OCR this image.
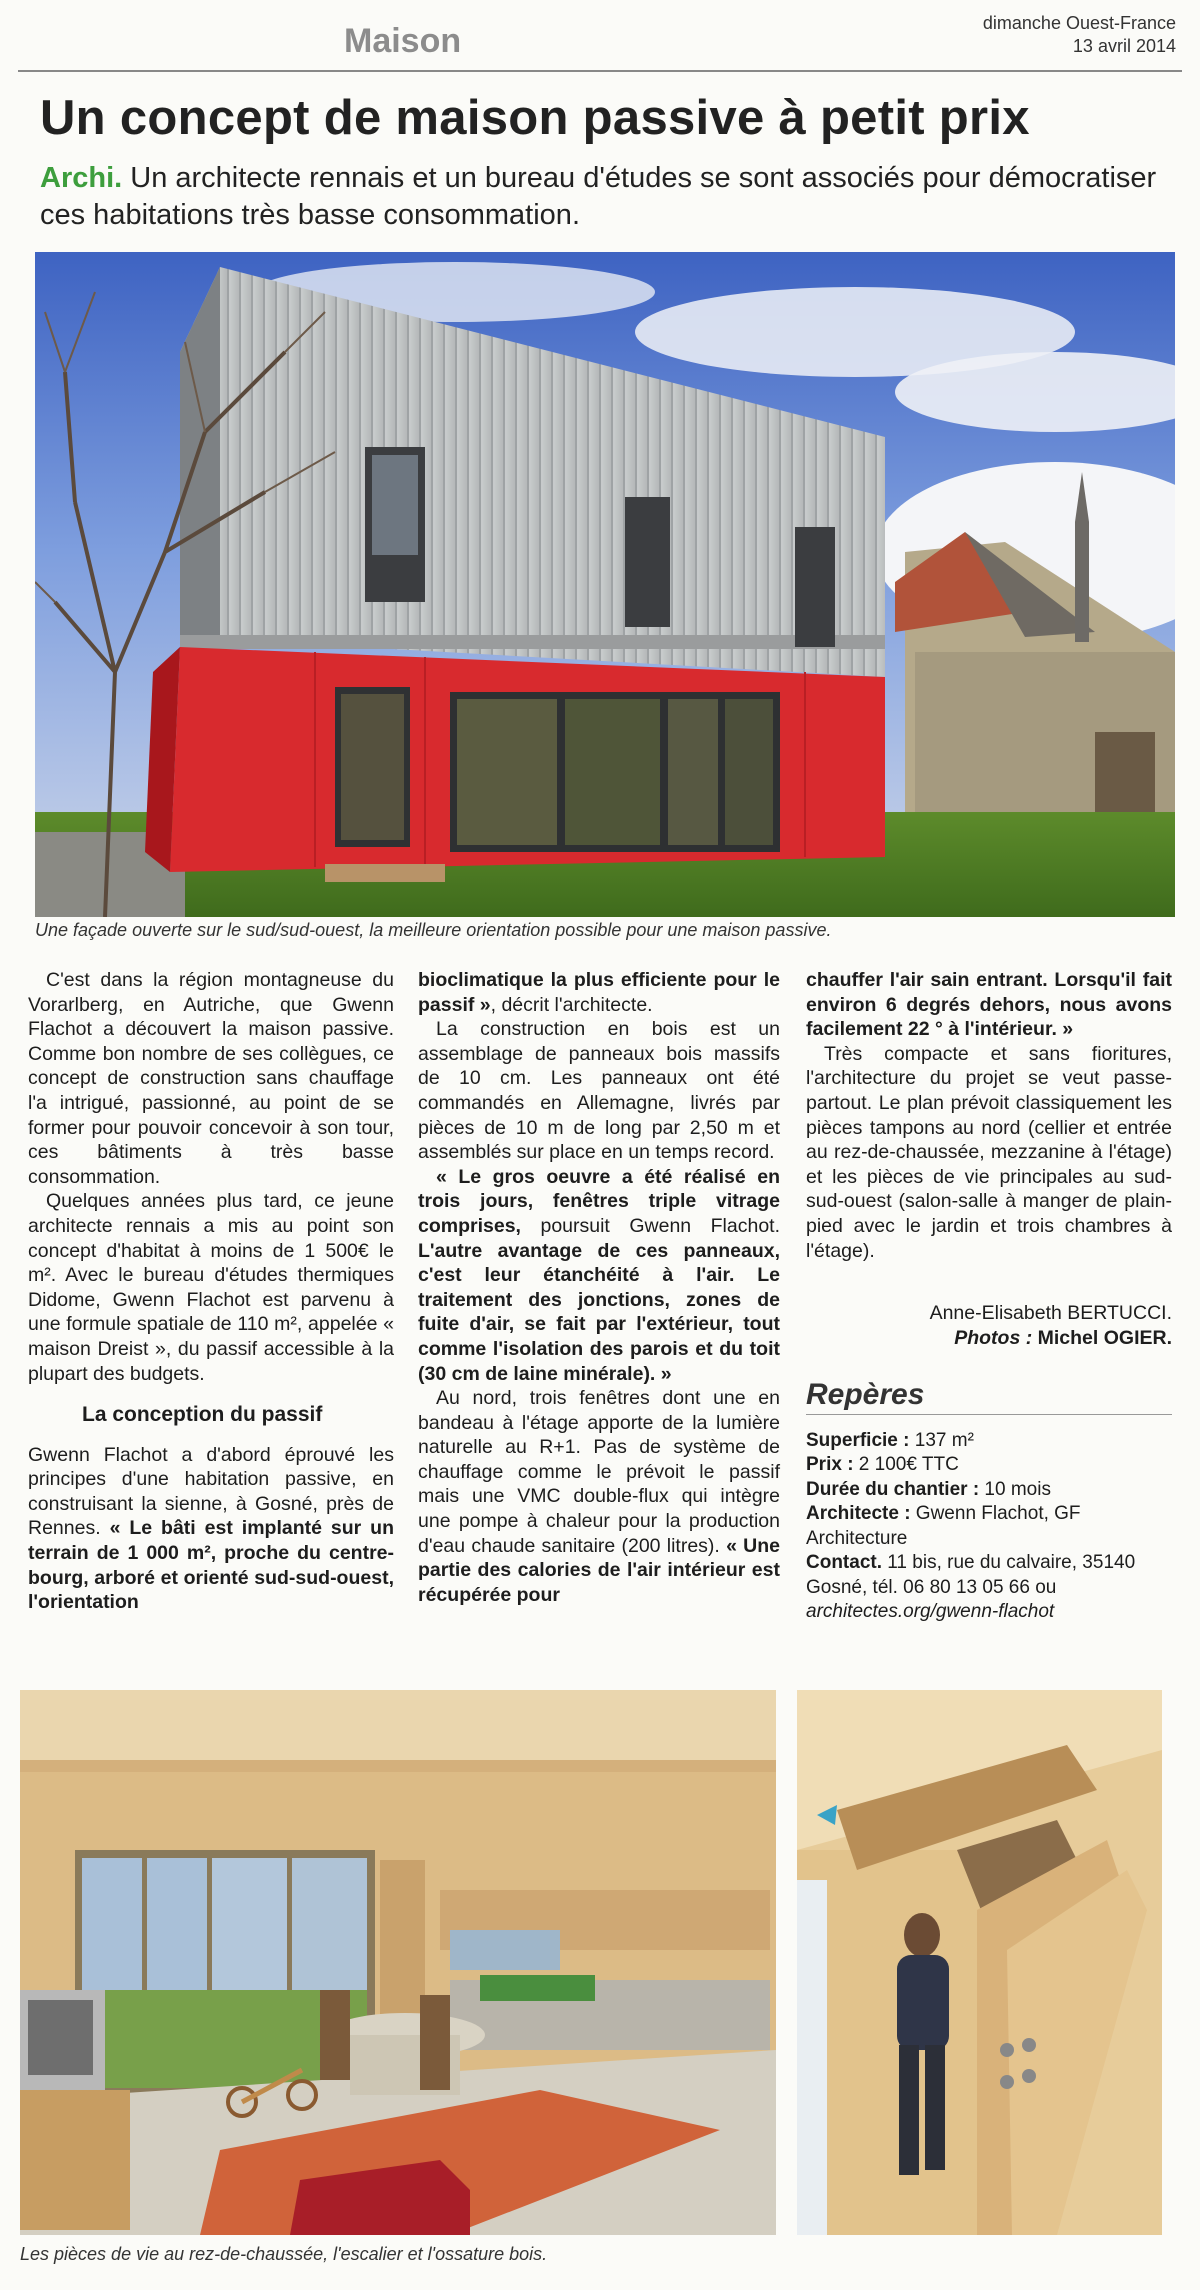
Maison	dimanche Ouest-France
13 avril 2014
Un concept de maison passive à petit prix
Archi. Un architecte rennais et un bureau d'études se sont associés pour démocratiser ces habitations très basse consommation.
Une façade ouverte sur le sud/sud-ouest, la meilleure orientation possible pour une maison passive.

C'est dans la région montagneuse du Vorarlberg, en Autriche, que Gwenn Flachot a découvert la maison passive. Comme bon nombre de ses collègues, ce concept de construction sans chauffage l'a intrigué, passionné, au point de se former pour pouvoir concevoir à son tour, ces bâtiments à très basse consommation.

Quelques années plus tard, ce jeune architecte rennais a mis au point son concept d'habitat à moins de 1 500€ le m². Avec le bureau d'études thermiques Didome, Gwenn Flachot est parvenu à une formule spatiale de 110 m², appelée « maison Dreist », du passif accessible à la plupart des budgets.

La conception du passif

Gwenn Flachot a d'abord éprouvé les principes d'une habitation passive, en construisant la sienne, à Gosné, près de Rennes. « Le bâti est implanté sur un terrain de 1 000 m², proche du centre-bourg, arboré et orienté sud-sud-ouest, l'orientation

bioclimatique la plus efficiente pour le passif », décrit l'architecte.

La construction en bois est un assemblage de panneaux bois massifs de 10 cm. Les panneaux ont été commandés en Allemagne, livrés par pièces de 10 m de long par 2,50 m et assemblés sur place en un temps record.

« Le gros oeuvre a été réalisé en trois jours, fenêtres triple vitrage comprises, poursuit Gwenn Flachot. L'autre avantage de ces panneaux, c'est leur étanchéité à l'air. Le traitement des jonctions, zones de fuite d'air, se fait par l'extérieur, tout comme l'isolation des parois et du toit (30 cm de laine minérale). »

Au nord, trois fenêtres dont une en bandeau à l'étage apporte de la lumière naturelle au R+1. Pas de système de chauffage comme le prévoit le passif mais une VMC double-flux qui intègre une pompe à chaleur pour la production d'eau chaude sanitaire (200 litres). « Une partie des calories de l'air intérieur est récupérée pour

chauffer l'air sain entrant. Lorsqu'il fait environ 6 degrés dehors, nous avons facilement 22 ° à l'intérieur. »

Très compacte et sans fioritures, l'architecture du projet se veut passe-partout. Le plan prévoit classiquement les pièces tampons au nord (cellier et entrée au rez-de-chaussée, mezzanine à l'étage) et les pièces de vie principales au sud-sud-ouest (salon-salle à manger de plain-pied avec le jardin et trois chambres à l'étage).

Anne-Elisabeth BERTUCCI.
Photos : Michel OGIER.
Repères
Superficie : 137 m²
Prix : 2 100€ TTC
Durée du chantier : 10 mois
Architecte : Gwenn Flachot, GF Architecture
Contact. 11 bis, rue du calvaire, 35140 Gosné, tél. 06 80 13 05 66 ou architectes.org/gwenn-flachot
Les pièces de vie au rez-de-chaussée, l'escalier et l'ossature bois.
